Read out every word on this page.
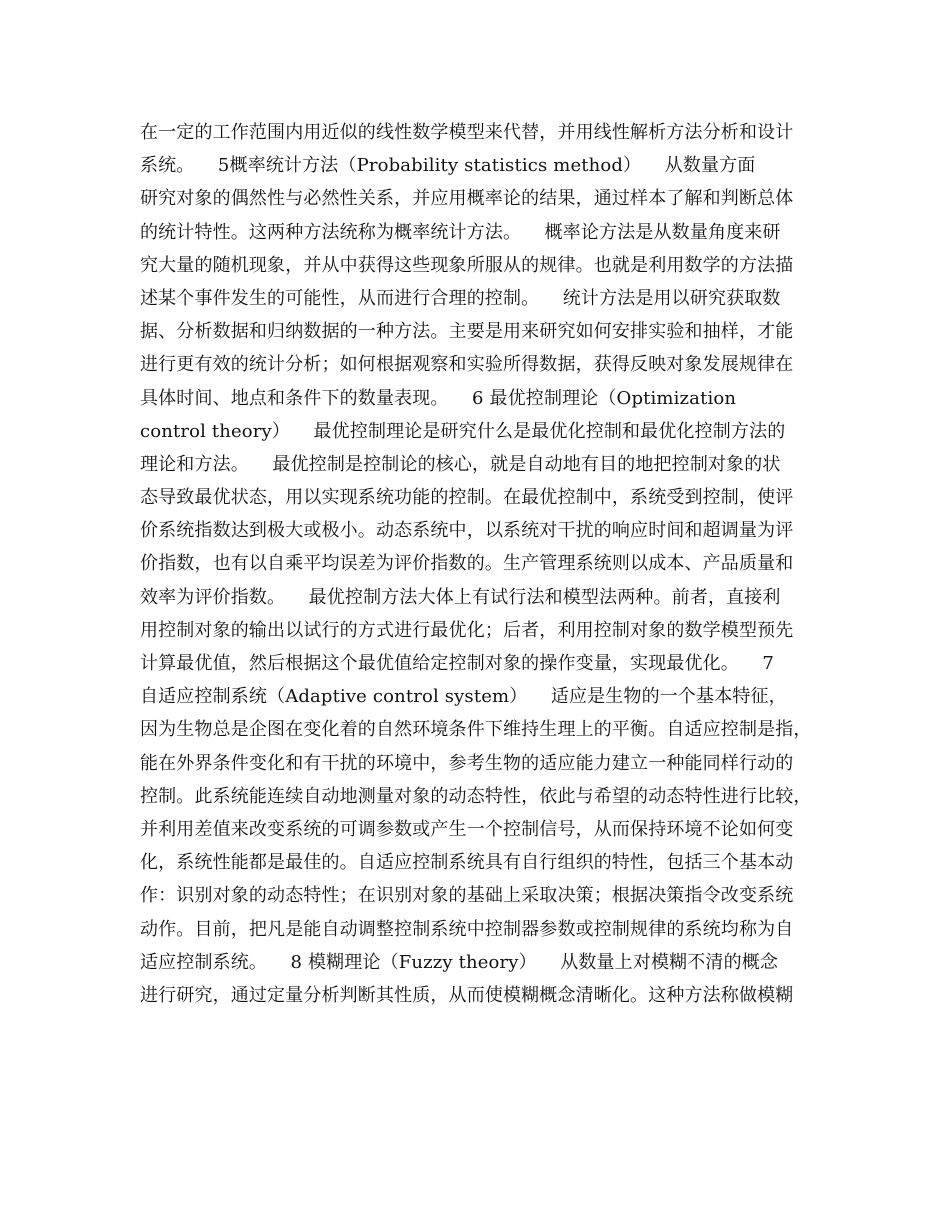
在一定的工作范围内用近似的线性数学模型来代替，并用线性解析方法分析和设计
系统。    5概率统计方法（Probability statistics method）    从数量方面
研究对象的偶然性与必然性关系，并应用概率论的结果，通过样本了解和判断总体
的统计特性。这两种方法统称为概率统计方法。    概率论方法是从数量角度来研
究大量的随机现象，并从中获得这些现象所服从的规律。也就是利用数学的方法描
述某个事件发生的可能性，从而进行合理的控制。    统计方法是用以研究获取数
据、分析数据和归纳数据的一种方法。主要是用来研究如何安排实验和抽样，才能
进行更有效的统计分析；如何根据观察和实验所得数据，获得反映对象发展规律在
具体时间、地点和条件下的数量表现。    6 最优控制理论（Optimization
control theory）    最优控制理论是研究什么是最优化控制和最优化控制方法的
理论和方法。    最优控制是控制论的核心，就是自动地有目的地把控制对象的状
态导致最优状态，用以实现系统功能的控制。在最优控制中，系统受到控制，使评
价系统指数达到极大或极小。动态系统中，以系统对干扰的响应时间和超调量为评
价指数，也有以自乘平均误差为评价指数的。生产管理系统则以成本、产品质量和
效率为评价指数。    最优控制方法大体上有试行法和模型法两种。前者，直接利
用控制对象的输出以试行的方式进行最优化；后者，利用控制对象的数学模型预先
计算最优值，然后根据这个最优值给定控制对象的操作变量，实现最优化。    7
自适应控制系统（Adaptive control system）    适应是生物的一个基本特征，
因为生物总是企图在变化着的自然环境条件下维持生理上的平衡。自适应控制是指，
能在外界条件变化和有干扰的环境中，参考生物的适应能力建立一种能同样行动的
控制。此系统能连续自动地测量对象的动态特性，依此与希望的动态特性进行比较，
并利用差值来改变系统的可调参数或产生一个控制信号，从而保持环境不论如何变
化，系统性能都是最佳的。自适应控制系统具有自行组织的特性，包括三个基本动
作：识别对象的动态特性；在识别对象的基础上采取决策；根据决策指令改变系统
动作。目前，把凡是能自动调整控制系统中控制器参数或控制规律的系统均称为自
适应控制系统。    8 模糊理论（Fuzzy theory）    从数量上对模糊不清的概念
进行研究，通过定量分析判断其性质，从而使模糊概念清晰化。这种方法称做模糊
